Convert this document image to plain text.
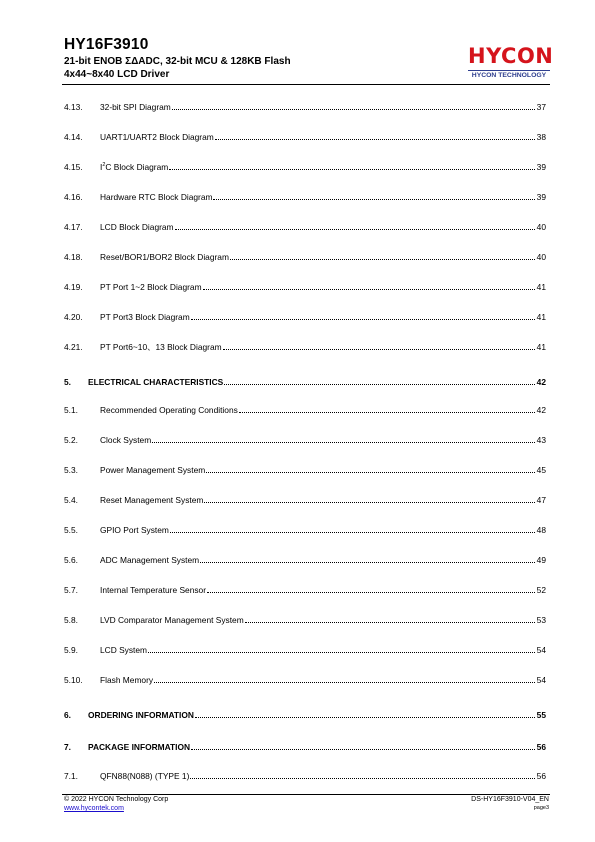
HY16F3910
21-bit ENOB ΣΔADC, 32-bit MCU & 128KB Flash
4x44~8x40 LCD Driver
HYCON
HYCON TECHNOLOGY
4.13.	32-bit SPI Diagram	37
4.14.	UART1/UART2 Block Diagram	38
4.15.	$I^2C$ Block Diagram	39
4.16.	Hardware RTC Block Diagram	39
4.17.	LCD Block Diagram	40
4.18.	Reset/BOR1/BOR2 Block Diagram	40
4.19.	PT Port 1~2 Block Diagram	41
4.20.	PT Port3 Block Diagram	41
4.21.	PT Port6~10、13 Block Diagram	41
5.	ELECTRICAL CHARACTERISTICS	42
5.1.	Recommended Operating Conditions	42
5.2.	Clock System	43
5.3.	Power Management System	45
5.4.	Reset Management System	47
5.5.	GPIO Port System	48
5.6.	ADC Management System	49
5.7.	Internal Temperature Sensor	52
5.8.	LVD Comparator Management System	53
5.9.	LCD System	54
5.10.	Flash Memory	54
6.	ORDERING INFORMATION	55
7.	PACKAGE INFORMATION	56
7.1.	QFN88(N088) (TYPE 1)	56
© 2022 HYCON Technology Corp
www.hycontek.com
DS-HY16F3910-V04_EN
page3
